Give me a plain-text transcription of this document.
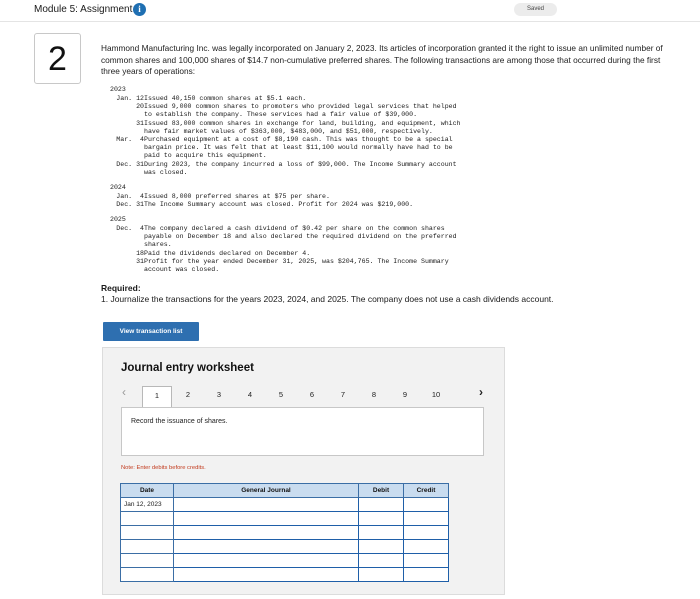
Module 5: Assignment i	Saved
2	Hammond Manufacturing Inc. was legally incorporated on January 2, 2023. Its articles of incorporation granted it the right to issue an unlimited number of common shares and 100,000 shares of $14.7 non-cumulative preferred shares. The following transactions are among those that occurred during the first three years of operations:
2023
Jan. 12 Issued 40,150 common shares at $5.1 each.
20 Issued 9,000 common shares to promoters who provided legal services that helped
to establish the company. These services had a fair value of $39,000.
31 Issued 83,000 common shares in exchange for land, building, and equipment, which
have fair market values of $363,000, $483,000, and $51,000, respectively.
Mar.  4 Purchased equipment at a cost of $8,190 cash. This was thought to be a special
bargain price. It was felt that at least $11,100 would normally have had to be
paid to acquire this equipment.
Dec. 31 During 2023, the company incurred a loss of $99,000. The Income Summary account
was closed.
2024
Jan.  4 Issued 8,000 preferred shares at $75 per share.
Dec. 31 The Income Summary account was closed. Profit for 2024 was $219,000.
2025
Dec.  4 The company declared a cash dividend of $0.42 per share on the common shares
payable on December 18 and also declared the required dividend on the preferred
shares.
18 Paid the dividends declared on December 4.
31 Profit for the year ended December 31, 2025, was $204,765. The Income Summary
account was closed.
Required:
1. Journalize the transactions for the years 2023, 2024, and 2025. The company does not use a cash dividends account.
View transaction list
Journal entry worksheet
‹	1	2	3	4	5	6	7	8	9	10	›
Record the issuance of shares.
Note: Enter debits before credits.
Date	General Journal	Debit	Credit
Jan 12, 2023			
